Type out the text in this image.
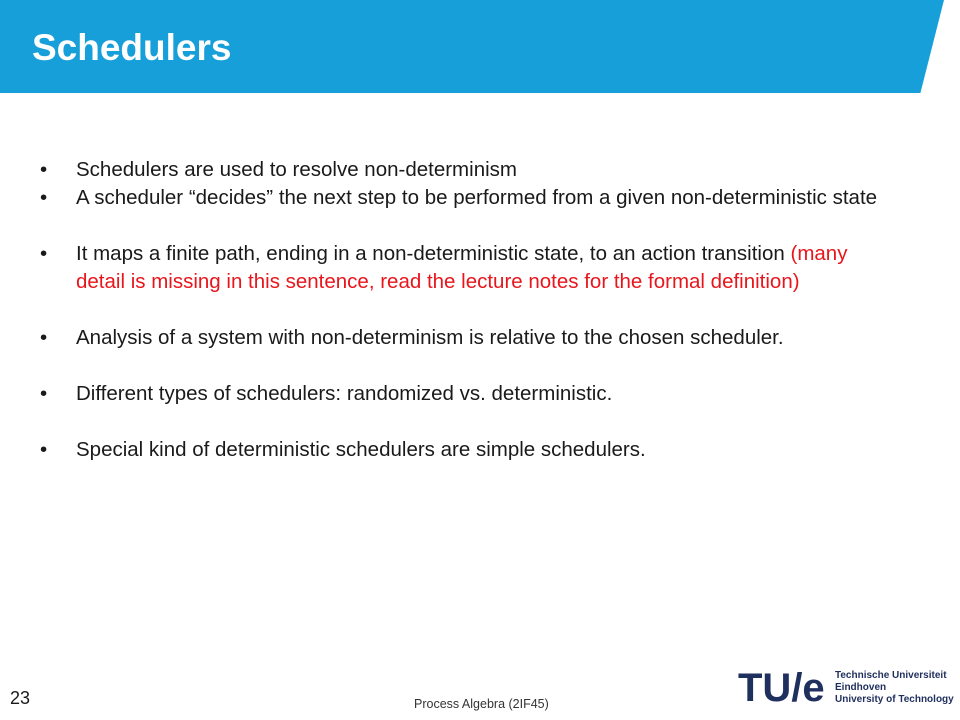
Schedulers
• Schedulers are used to resolve non-determinism
• A scheduler “decides” the next step to be performed from a given non-deterministic state
• It maps a finite path, ending in a non-deterministic state, to an action transition (many detail is missing in this sentence, read the lecture notes for the formal definition)
• Analysis of a system with non-determinism is relative to the chosen scheduler.
• Different types of schedulers: randomized vs. deterministic.
• Special kind of deterministic schedulers are simple schedulers.
23	Process Algebra (2IF45)	TU/e Technische Universiteit
Eindhoven
University of Technology
